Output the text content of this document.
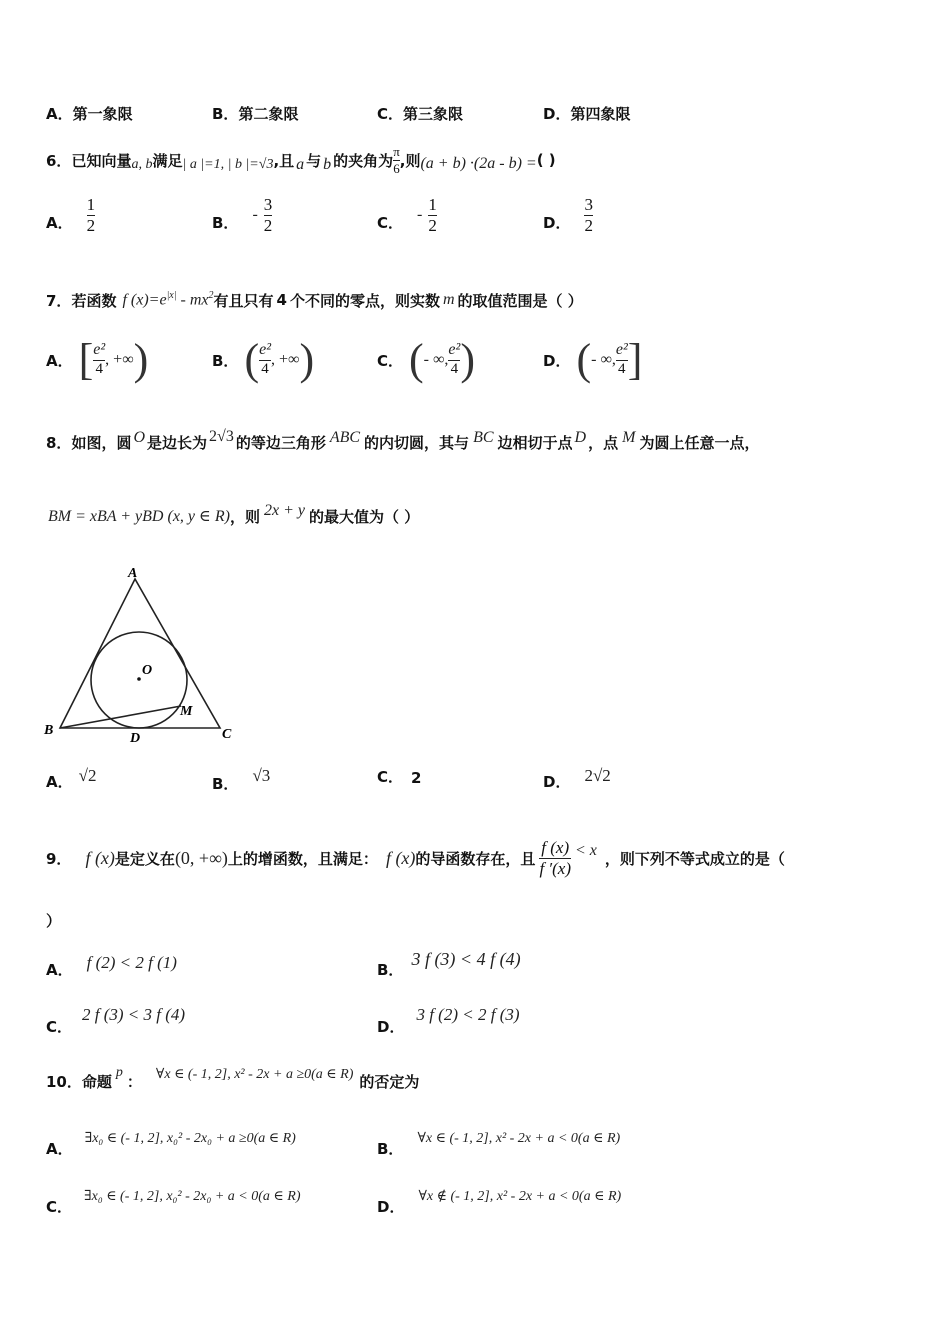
A．第一象限	B．第二象限	C．第三象限	D．第四象限
6． 已知向量 a, b 满足 | a |=1, | b |=√3 ,且 a 与 b 的夹角为 $\frac{\pi}{6}$ ,则 (a + b) ·(2a - b) = ( )
A． $\frac{1}{2}$	B． - $\frac{3}{2}$	C． - $\frac{1}{2}$	D． $\frac{3}{2}$
7． 若函数 f $(x)=e^{|x|} - mx^2$ 有且只有 4 个不同的零点，则实数 m 的取值范围是（ ）
A． [ $\frac{\text{e²}}{4}$ , +∞ )	B． ( $\frac{\text{e²}}{4}$ , +∞ )	C． ( - ∞, $\frac{\text{e²}}{4}$ )	D． ( - ∞, $\frac{\text{e²}}{4}$ ]
8． 如图，圆 O 是边长为 2√3 的等边三角形 ABC 的内切圆，其与 BC 边相切于点 D ，点 M 为圆上任意一点，
BM = xBA + yBD (x, y ∈ R) ，则 2x + y 的最大值为（ ）
A
B	C
D
O
M
A． √2	B． √3	C． 2	D． 2√2
9． f (x) 是定义在 (0, +∞) 上的增函数，且满足： f (x) 的导函数存在，且 $\frac{f (x)}{f '(x)} < x$ ，则下列不等式成立的是（
）
A． f (2) < 2 f (1)	B．
3 f (3) < 4 f (4)
C．
2 f (3) < 3 f (4)
D．
3 f (2) < 2 f (3)
10． 命题 p ： ∀x ∈ (- 1, 2], x² - 2x + a ≥0(a ∈ R) 的否定为
A．
∃x₀ ∈ (- 1, 2], x₀² - 2x₀ + a ≥0(a ∈ R)
B．
∀x ∈ (- 1, 2], x² - 2x + a < 0(a ∈ R)
C．
∃x₀ ∈ (- 1, 2], x₀² - 2x₀ + a < 0(a ∈ R)
D．
∀x ∉ (- 1, 2], x² - 2x + a < 0(a ∈ R)
